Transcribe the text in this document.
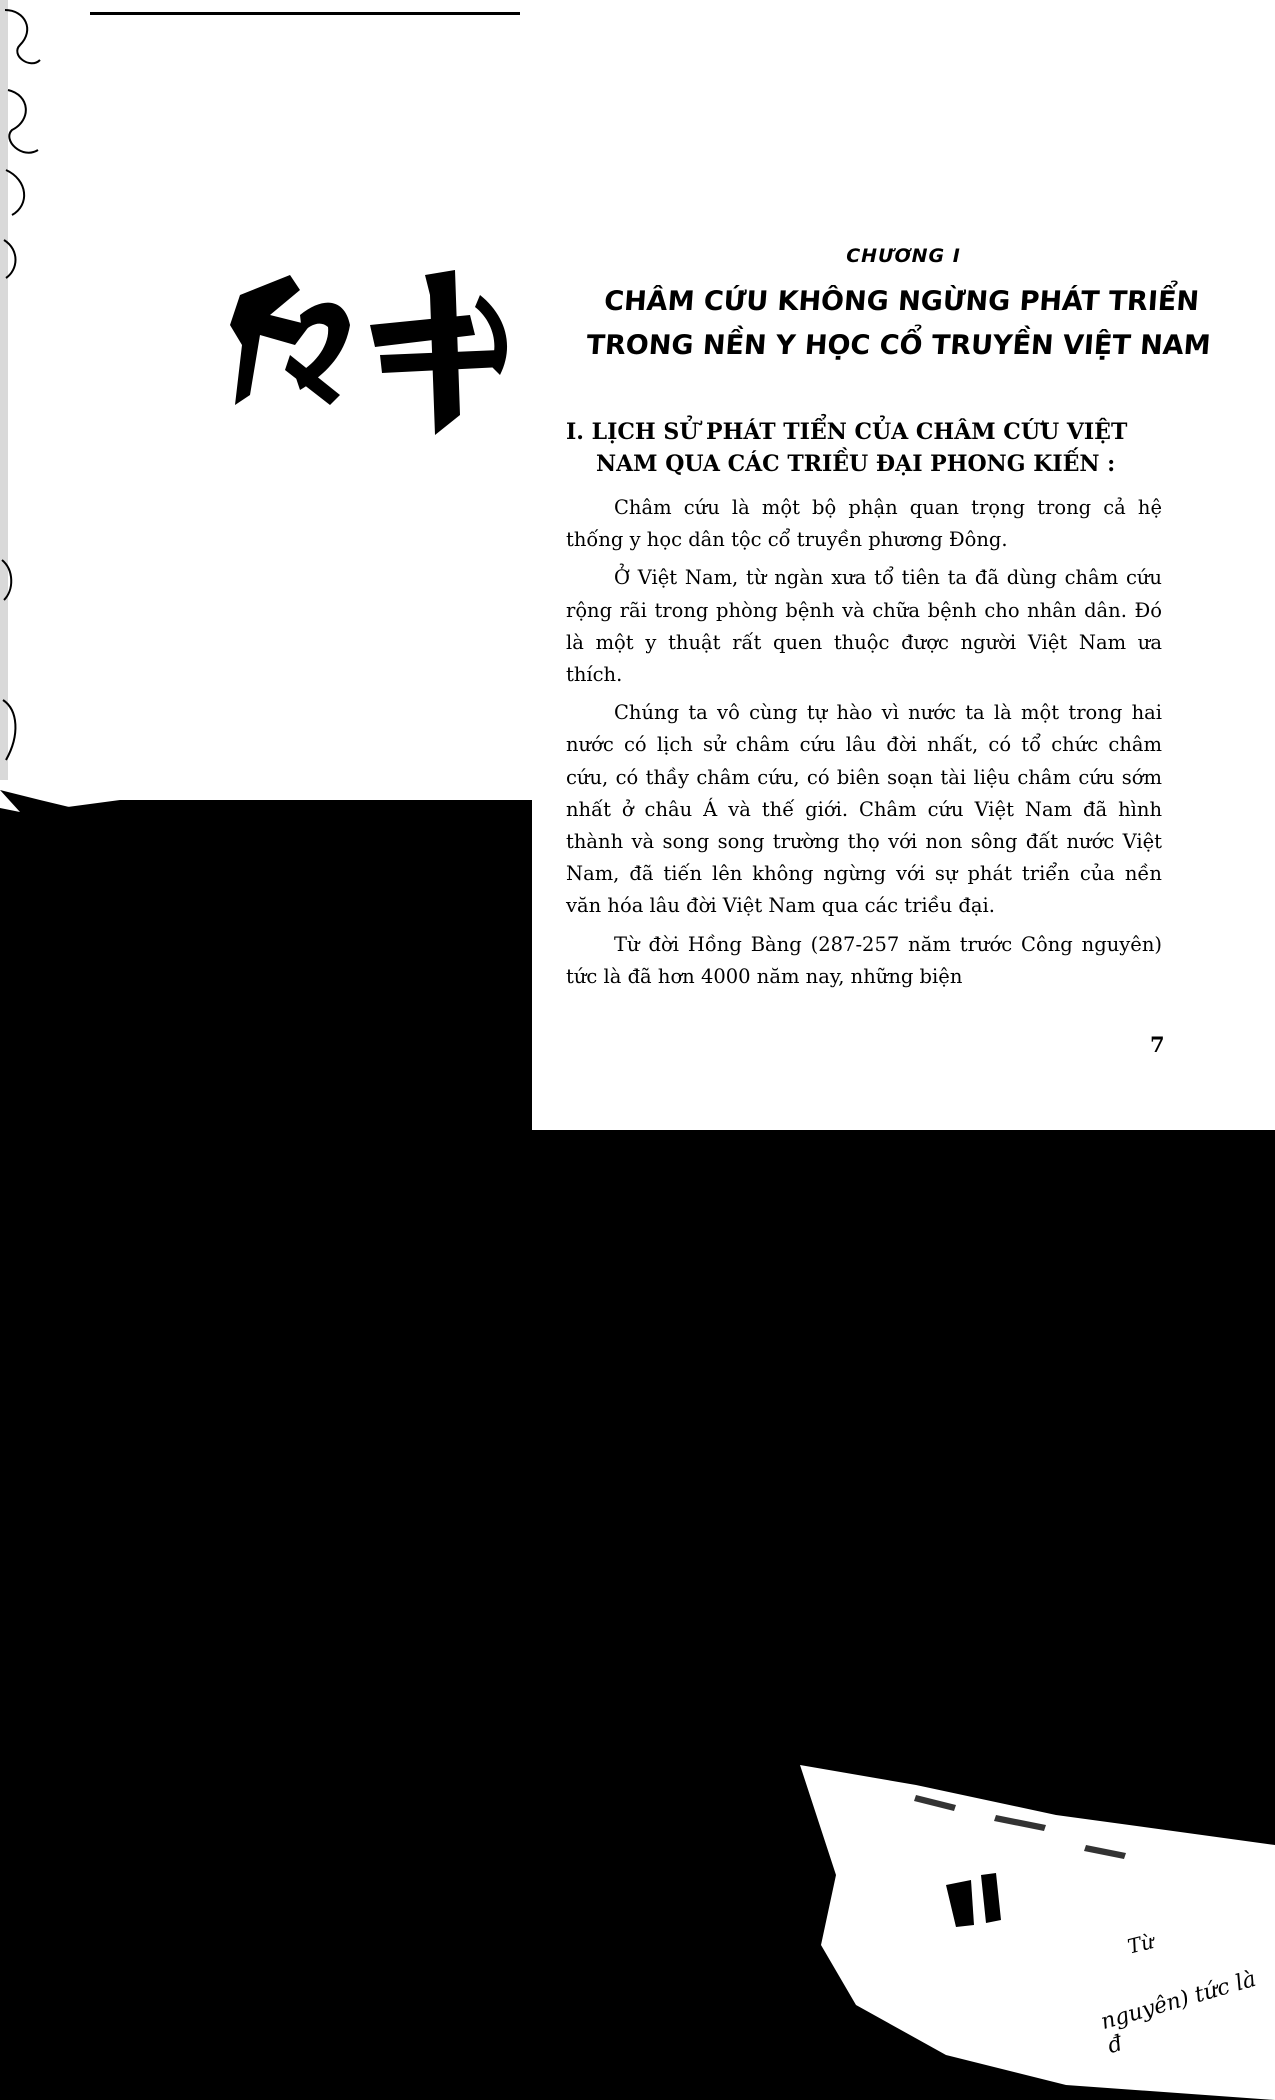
CHƯƠNG I
CHÂM CỨU KHÔNG NGỪNG PHÁT TRIỂN
TRONG NỀN Y HỌC CỔ TRUYỀN VIỆT NAM
I. LỊCH SỬ PHÁT TIỂN CỦA CHÂM CỨU VIỆT
NAM QUA CÁC TRIỀU ĐẠI PHONG KIẾN :

Châm cứu là một bộ phận quan trọng trong cả hệ thống y học dân tộc cổ truyền phương Đông.

Ở Việt Nam, từ ngàn xưa tổ tiên ta đã dùng châm cứu rộng rãi trong phòng bệnh và chữa bệnh cho nhân dân. Đó là một y thuật rất quen thuộc được người Việt Nam ưa thích.

Chúng ta vô cùng tự hào vì nước ta là một trong hai nước có lịch sử châm cứu lâu đời nhất, có tổ chức châm cứu, có thầy châm cứu, có biên soạn tài liệu châm cứu sớm nhất ở châu Á và thế giới. Châm cứu Việt Nam đã hình thành và song song trường thọ với non sông đất nước Việt Nam, đã tiến lên không ngừng với sự phát triển của nền văn hóa lâu đời Việt Nam qua các triều đại.

Từ đời Hồng Bàng (287-257 năm trước Công nguyên) tức là đã hơn 4000 năm nay, những biện

7
Từ
nguyên) tức là đ
